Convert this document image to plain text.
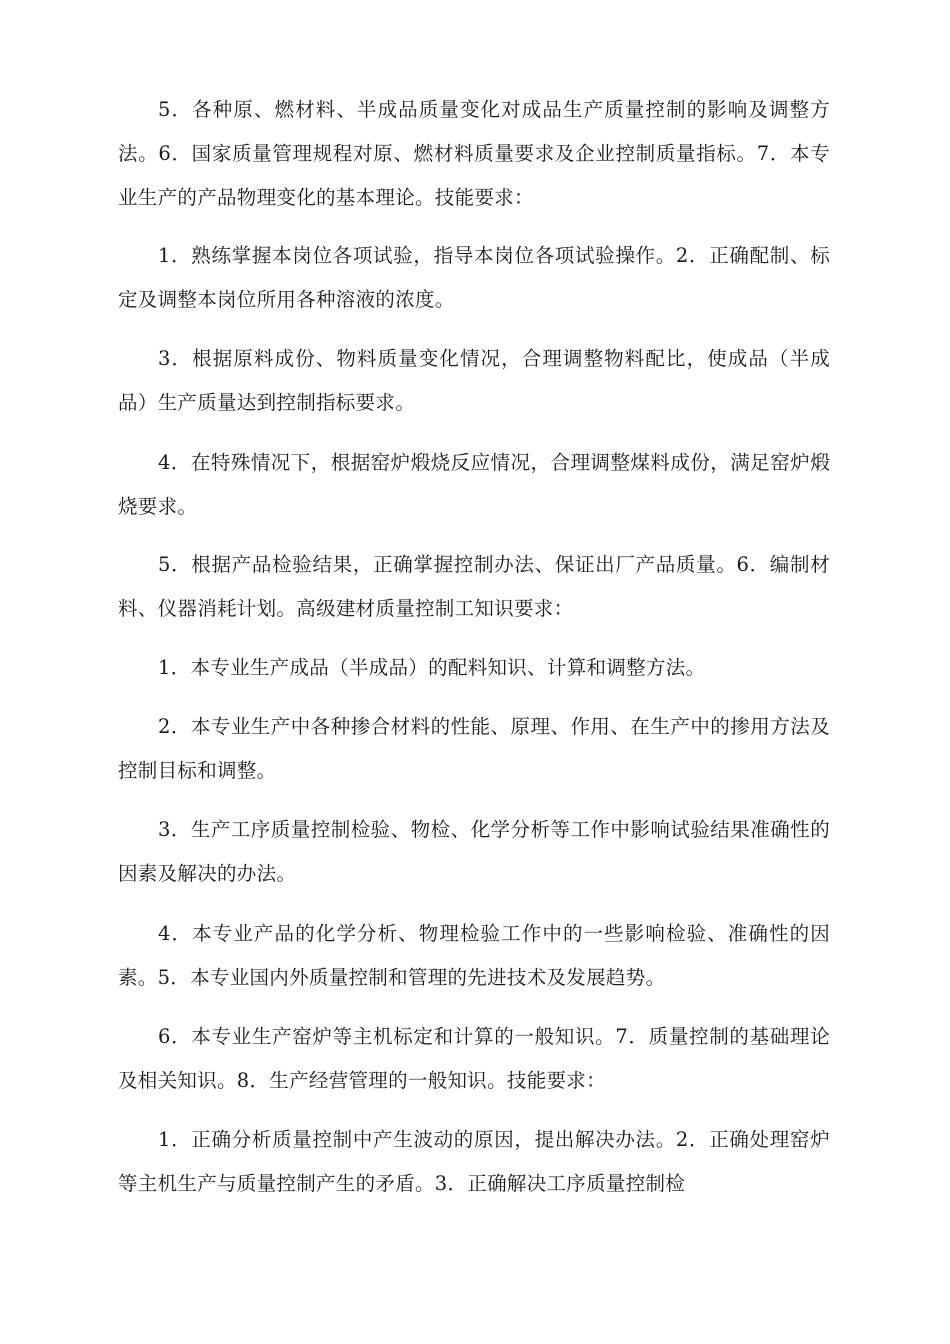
5．各种原、燃材料、半成品质量变化对成品生产质量控制的影响及调整方法。6．国家质量管理规程对原、燃材料质量要求及企业控制质量指标。7．本专业生产的产品物理变化的基本理论。技能要求：

1．熟练掌握本岗位各项试验，指导本岗位各项试验操作。2．正确配制、标定及调整本岗位所用各种溶液的浓度。

3．根据原料成份、物料质量变化情况，合理调整物料配比，使成品（半成品）生产质量达到控制指标要求。

4．在特殊情况下，根据窑炉煅烧反应情况，合理调整煤料成份，满足窑炉煅烧要求。

5．根据产品检验结果，正确掌握控制办法、保证出厂产品质量。6．编制材料、仪器消耗计划。高级建材质量控制工知识要求：

1．本专业生产成品（半成品）的配料知识、计算和调整方法。

2．本专业生产中各种掺合材料的性能、原理、作用、在生产中的掺用方法及控制目标和调整。

3．生产工序质量控制检验、物检、化学分析等工作中影响试验结果准确性的因素及解决的办法。

4．本专业产品的化学分析、物理检验工作中的一些影响检验、准确性的因素。5．本专业国内外质量控制和管理的先进技术及发展趋势。

6．本专业生产窑炉等主机标定和计算的一般知识。7．质量控制的基础理论及相关知识。8．生产经营管理的一般知识。技能要求：

1．正确分析质量控制中产生波动的原因，提出解决办法。2．正确处理窑炉等主机生产与质量控制产生的矛盾。3．正确解决工序质量控制检
